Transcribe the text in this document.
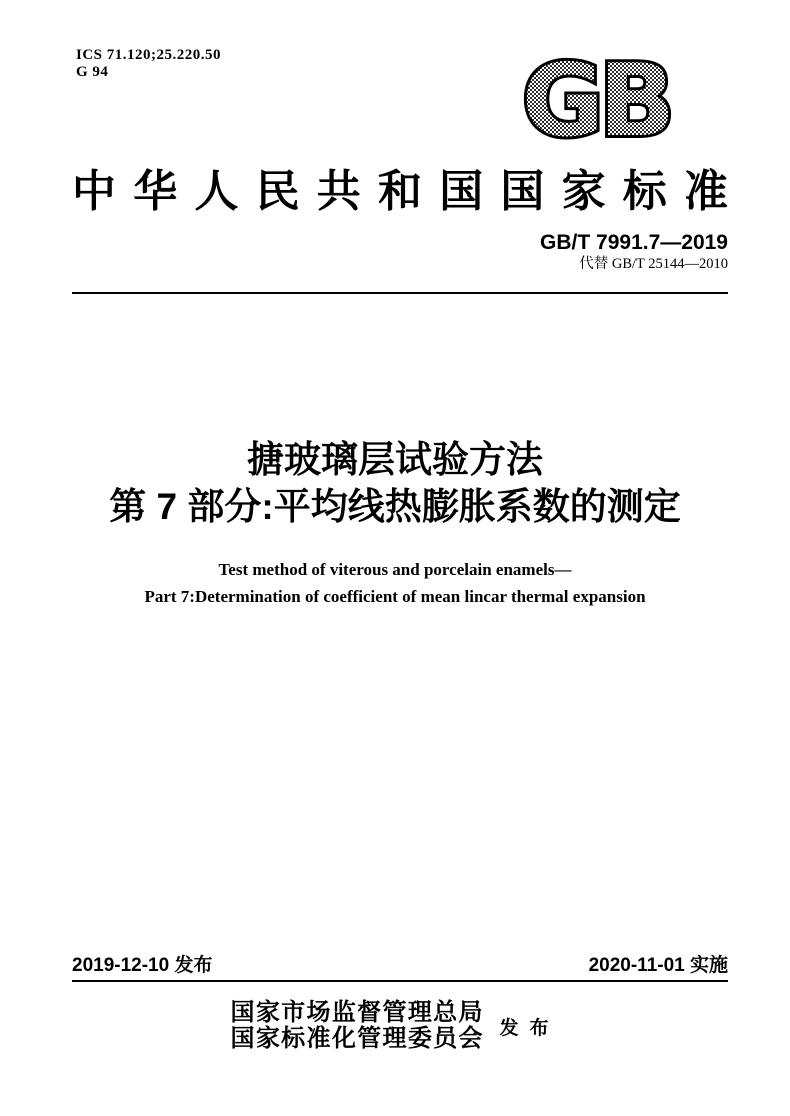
ICS 71.120;25.220.50
G 94	GB
中华人民共和国国家标准
GB/T 7991.7—2019
代替 GB/T 25144—2010
搪玻璃层试验方法
第 7 部分:平均线热膨胀系数的测定
Test method of viterous and porcelain enamels—
Part 7:Determination of coefficient of mean lincar thermal expansion
2019-12-10 发布	2020-11-01 实施
国家市场监督管理总局
国家标准化管理委员会 发布
